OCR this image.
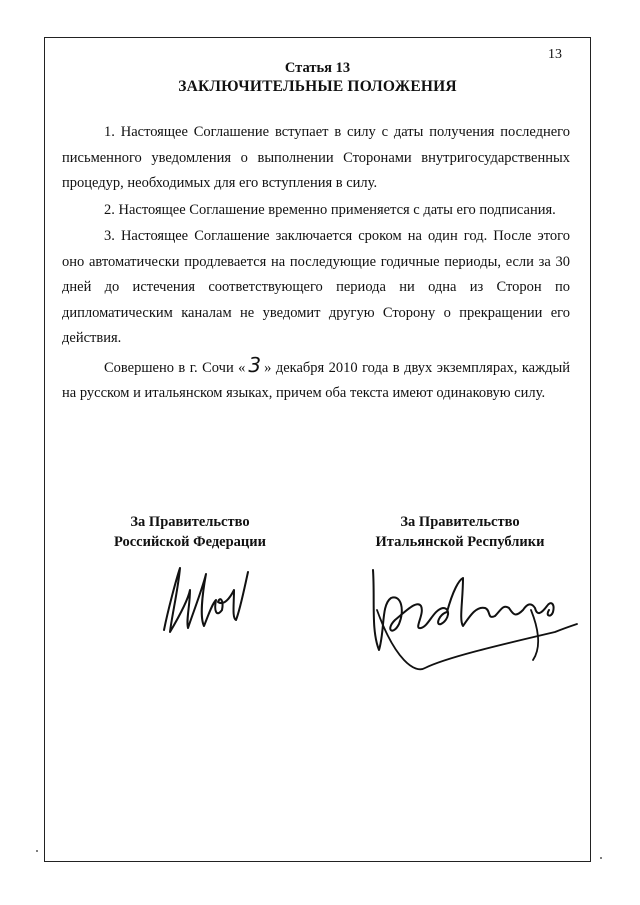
13
Статья 13
ЗАКЛЮЧИТЕЛЬНЫЕ ПОЛОЖЕНИЯ

1. Настоящее Соглашение вступает в силу с даты получения последнего письменного уведомления о выполнении Сторонами внутригосударственных процедур, необходимых для его вступления в силу.

2. Настоящее Соглашение временно применяется с даты его подписания.

3. Настоящее Соглашение заключается сроком на один год. После этого оно автоматически продлевается на последующие годичные периоды, если за 30 дней до истечения соответствующего периода ни одна из Сторон по дипломатическим каналам не уведомит другую Сторону о прекращении его действия.

Совершено в г. Сочи « 3 » декабря 2010 года в двух экземплярах, каждый на русском и итальянском языках, причем оба текста имеют одинаковую силу.

За Правительство
Российской Федерации
За Правительство
Итальянской Республики
